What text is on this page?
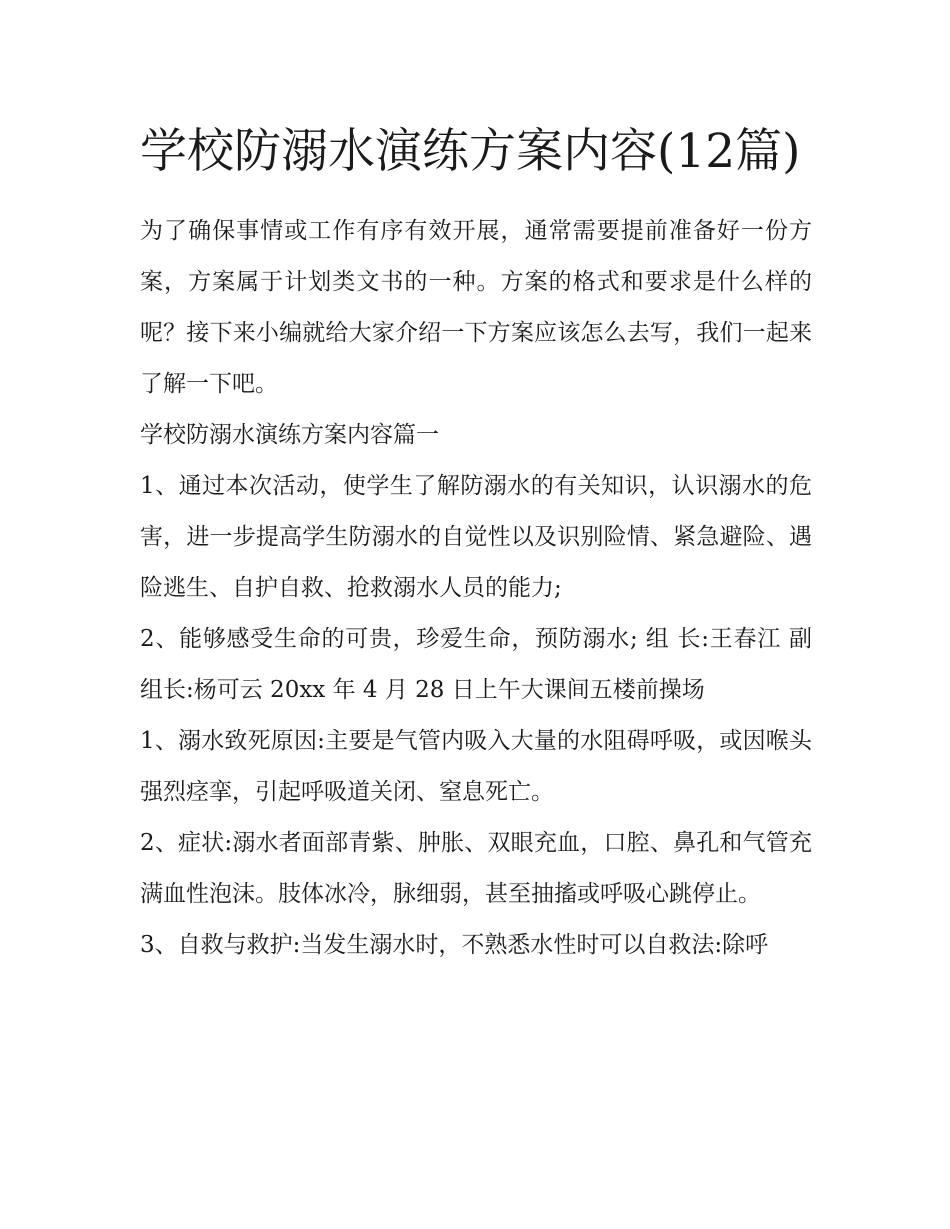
学校防溺水演练方案内容(12篇)

为了确保事情或工作有序有效开展，通常需要提前准备好一份方案，方案属于计划类文书的一种。方案的格式和要求是什么样的呢？接下来小编就给大家介绍一下方案应该怎么去写，我们一起来了解一下吧。

学校防溺水演练方案内容篇一

1、通过本次活动，使学生了解防溺水的有关知识，认识溺水的危害，进一步提高学生防溺水的自觉性以及识别险情、紧急避险、遇险逃生、自护自救、抢救溺水人员的能力;

2、能够感受生命的可贵，珍爱生命，预防溺水; 组 长:王春江 副组长:杨可云 20xx 年 4 月 28 日上午大课间五楼前操场

1、溺水致死原因:主要是气管内吸入大量的水阻碍呼吸，或因喉头强烈痉挛，引起呼吸道关闭、窒息死亡。

2、症状:溺水者面部青紫、肿胀、双眼充血，口腔、鼻孔和气管充满血性泡沫。肢体冰冷，脉细弱，甚至抽搐或呼吸心跳停止。

3、自救与救护:当发生溺水时，不熟悉水性时可以自救法:除呼
